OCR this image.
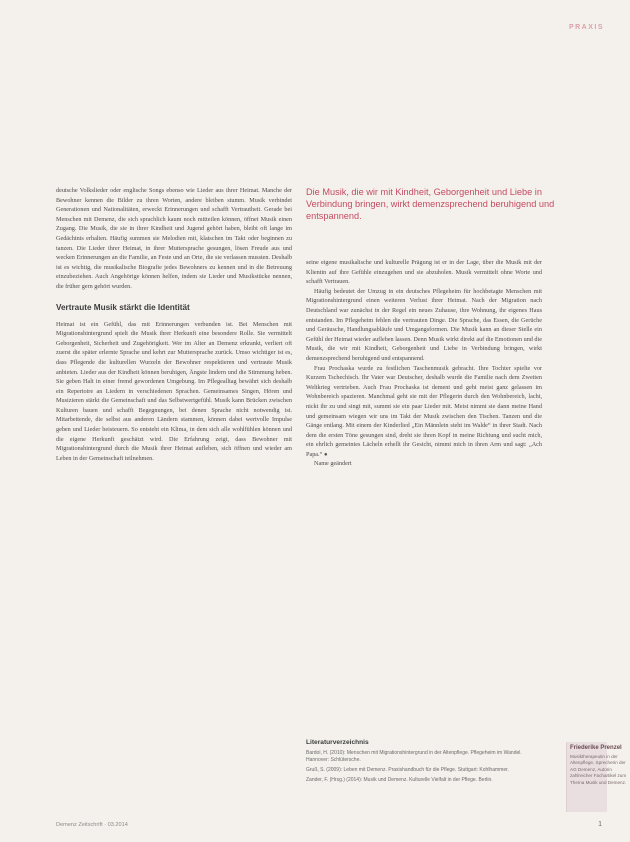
PRAXIS

deutsche Volkslieder oder englische Songs ebenso wie Lieder aus ihrer Heimat. Manche der Bewohner kennen die Bilder zu ihren Worten, andere bleiben stumm. Musik verbindet Generationen und Nationalitäten, erweckt Erinnerungen und schafft Vertrautheit. Gerade bei Menschen mit Demenz, die sich sprachlich kaum noch mitteilen können, öffnet Musik einen Zugang. Die Musik, die sie in ihrer Kindheit und Jugend gehört haben, bleibt oft lange im Gedächtnis erhalten. Häufig summen sie Melodien mit, klatschen im Takt oder beginnen zu tanzen. Die Lieder ihrer Heimat, in ihrer Muttersprache gesungen, lösen Freude aus und wecken Erinnerungen an die Familie, an Feste und an Orte, die sie verlassen mussten. Deshalb ist es wichtig, die musikalische Biografie jedes Bewohners zu kennen und in die Betreuung einzubeziehen. Auch Angehörige können helfen, indem sie Lieder und Musikstücke nennen, die früher gern gehört wurden.

Vertraute Musik stärkt die Identität

Heimat ist ein Gefühl, das mit Erinnerungen verbunden ist. Bei Menschen mit Migrationshintergrund spielt die Musik ihrer Herkunft eine besondere Rolle. Sie vermittelt Geborgenheit, Sicherheit und Zugehörigkeit. Wer im Alter an Demenz erkrankt, verliert oft zuerst die später erlernte Sprache und kehrt zur Muttersprache zurück. Umso wichtiger ist es, dass Pflegende die kulturellen Wurzeln der Bewohner respektieren und vertraute Musik anbieten. Lieder aus der Kindheit können beruhigen, Ängste lindern und die Stimmung heben. Sie geben Halt in einer fremd gewordenen Umgebung. Im Pflegealltag bewährt sich deshalb ein Repertoire an Liedern in verschiedenen Sprachen. Gemeinsames Singen, Hören und Musizieren stärkt die Gemeinschaft und das Selbstwertgefühl. Musik kann Brücken zwischen Kulturen bauen und schafft Begegnungen, bei denen Sprache nicht notwendig ist. Mitarbeitende, die selbst aus anderen Ländern stammen, können dabei wertvolle Impulse geben und Lieder beisteuern. So entsteht ein Klima, in dem sich alle wohlfühlen können und die eigene Herkunft geschätzt wird. Die Erfahrung zeigt, dass Bewohner mit Migrationshintergrund durch die Musik ihrer Heimat aufleben, sich öffnen und wieder am Leben in der Gemeinschaft teilnehmen.

Die Musik, die wir mit Kindheit, Geborgenheit und Liebe in Verbindung bringen, wirkt demenzsprechend beruhigend und entspannend.

seine eigene musikalische und kulturelle Prägung ist er in der Lage, über die Musik mit der Klientin auf ihre Gefühle einzugehen und sie abzuholen. Musik vermittelt ohne Worte und schafft Vertrauen.

Häufig bedeutet der Umzug in ein deutsches Pflegeheim für hochbetagte Menschen mit Migrationshintergrund einen weiteren Verlust ihrer Heimat. Nach der Migration nach Deutschland war zunächst in der Regel ein neues Zuhause, ihre Wohnung, ihr eigenes Haus entstanden. Im Pflegeheim fehlen die vertrauten Dinge. Die Sprache, das Essen, die Gerüche und Geräusche, Handlungsabläufe und Umgangsformen. Die Musik kann an dieser Stelle ein Gefühl der Heimat wieder aufleben lassen. Denn Musik wirkt direkt auf die Emotionen und die Musik, die wir mit Kindheit, Geborgenheit und Liebe in Verbindung bringen, wirkt demenzsprechend beruhigend und entspannend.

Frau Prochaska wurde zu festlichen Taschenmusik gebracht. Ihre Tochter spielte vor Kurzem Tschechisch. Ihr Vater war Deutscher, deshalb wurde die Familie nach dem Zweiten Weltkrieg vertrieben. Auch Frau Prochaska ist dement und geht meist ganz gelassen im Wohnbereich spazieren. Manchmal geht sie mit der Pflegerin durch den Wohnbereich, lacht, nickt ihr zu und singt mit, summt sie ein paar Lieder mit. Meist nimmt sie dann meine Hand und gemeinsam wiegen wir uns im Takt der Musik zwischen den Tischen. Tanzen und die Gänge entlang. Mit einem der Kinderlied „Ein Männlein steht im Walde“ in ihrer Stadt. Nach dem die ersten Töne gesungen sind, dreht sie ihren Kopf in meine Richtung und sucht mich, ein ehrlich gemeintes Lächeln erhellt ihr Gesicht, nimmt mich in ihren Arm und sagt: „Ach Papa.“ ●

Name geändert

Literaturverzeichnis
Bardol, H. (2010): Menschen mit Migrationshintergrund in der Altenpflege. Pflegeheim im Wandel. Hannover: Schlütersche.
Gruß, S. (2009): Leben mit Demenz. Praxishandbuch für die Pflege. Stuttgart: Kohlhammer.
Zander, F. (Hrsg.) (2014): Musik und Demenz. Kulturelle Vielfalt in der Pflege. Berlin.
Friederike Prenzel
Musiktherapeutin in der Altenpflege, Sprecherin der AG Demenz, Autorin zahlreicher Fachartikel zum Thema Musik und Demenz.
Demenz Zeitschrift · 03.2014	1
